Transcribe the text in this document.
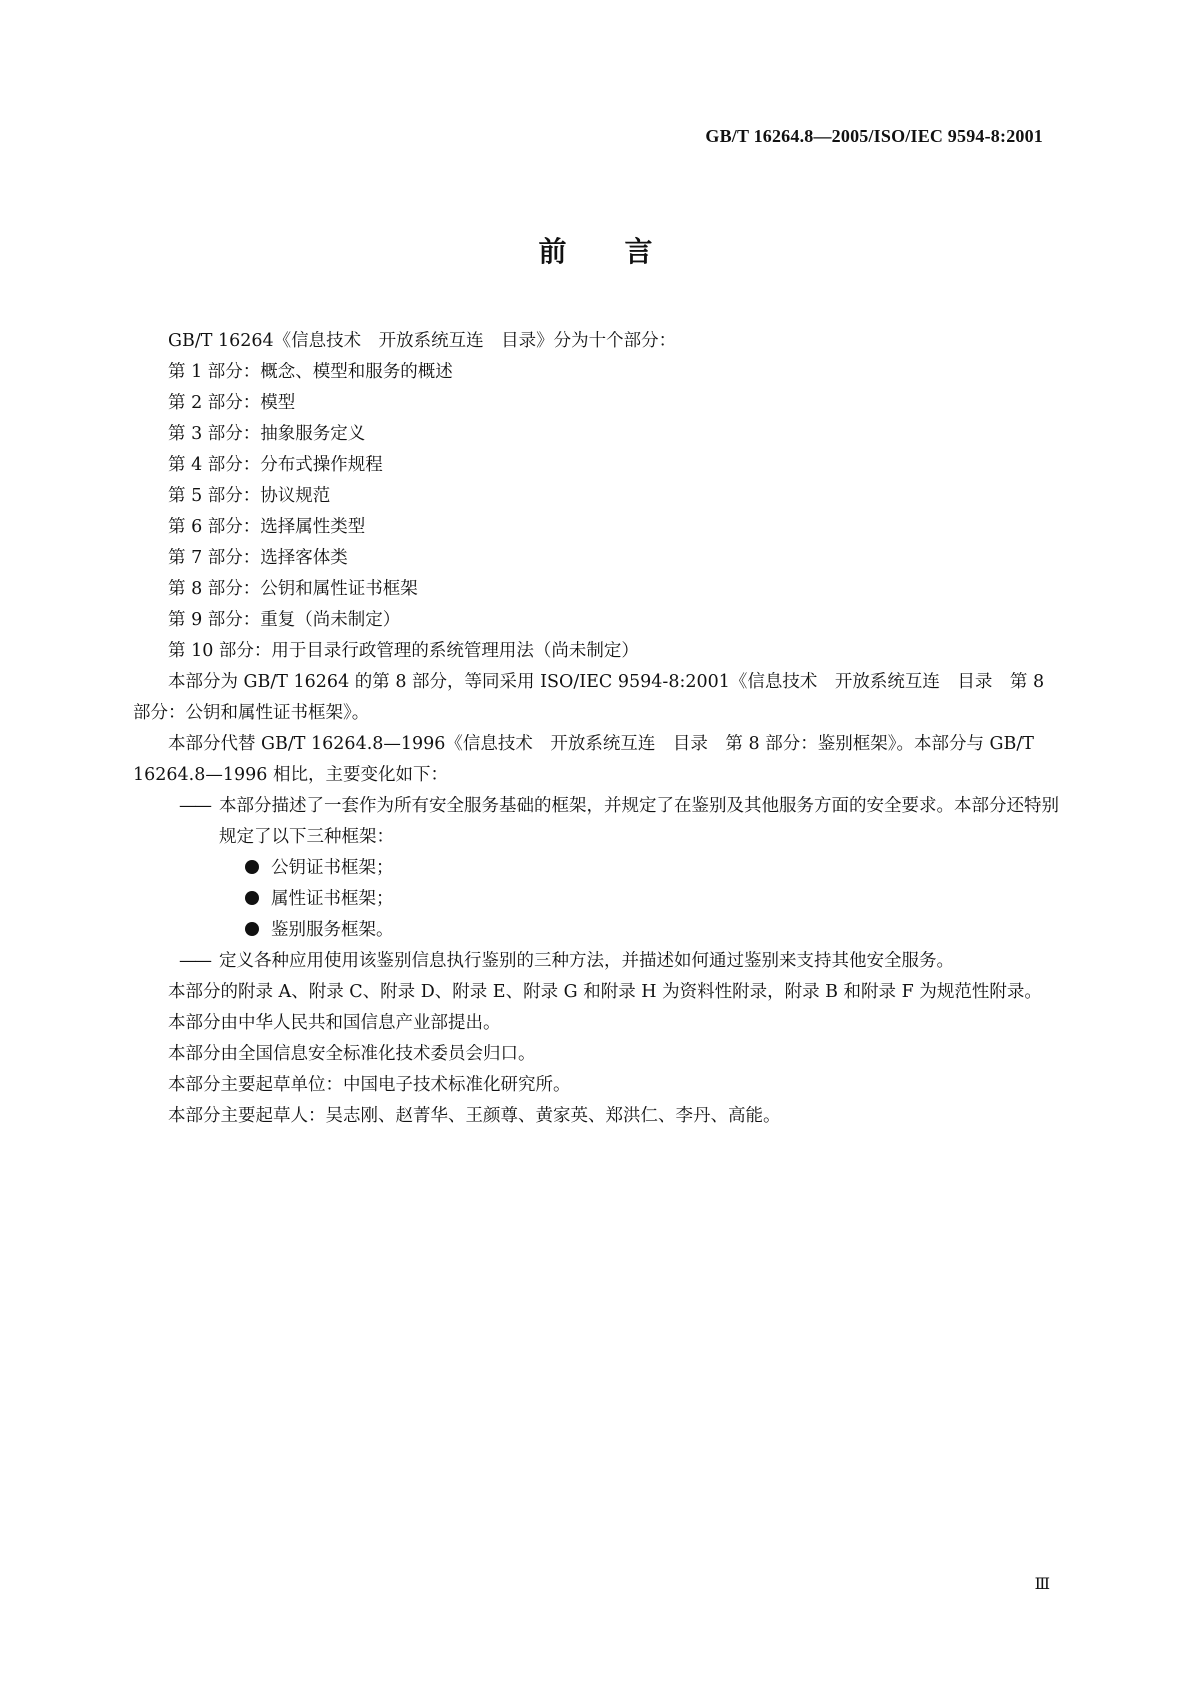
GB/T 16264.8—2005/ISO/IEC 9594-8:2001
前言

GB/T 16264《信息技术　开放系统互连　目录》分为十个部分：

第 1 部分：概念、模型和服务的概述

第 2 部分：模型

第 3 部分：抽象服务定义

第 4 部分：分布式操作规程

第 5 部分：协议规范

第 6 部分：选择属性类型

第 7 部分：选择客体类

第 8 部分：公钥和属性证书框架

第 9 部分：重复（尚未制定）

第 10 部分：用于目录行政管理的系统管理用法（尚未制定）

本部分为 GB/T 16264 的第 8 部分，等同采用 ISO/IEC 9594-8:2001《信息技术　开放系统互连　目录　第 8 部分：公钥和属性证书框架》。

本部分代替 GB/T 16264.8—1996《信息技术　开放系统互连　目录　第 8 部分：鉴别框架》。本部分与 GB/T 16264.8—1996 相比，主要变化如下：

—— 本部分描述了一套作为所有安全服务基础的框架，并规定了在鉴别及其他服务方面的安全要求。本部分还特别规定了以下三种框架：
公钥证书框架；
属性证书框架；
鉴别服务框架。
—— 定义各种应用使用该鉴别信息执行鉴别的三种方法，并描述如何通过鉴别来支持其他安全服务。

本部分的附录 A、附录 C、附录 D、附录 E、附录 G 和附录 H 为资料性附录，附录 B 和附录 F 为规范性附录。

本部分由中华人民共和国信息产业部提出。

本部分由全国信息安全标准化技术委员会归口。

本部分主要起草单位：中国电子技术标准化研究所。

本部分主要起草人：吴志刚、赵菁华、王颜尊、黄家英、郑洪仁、李丹、高能。

Ⅲ
